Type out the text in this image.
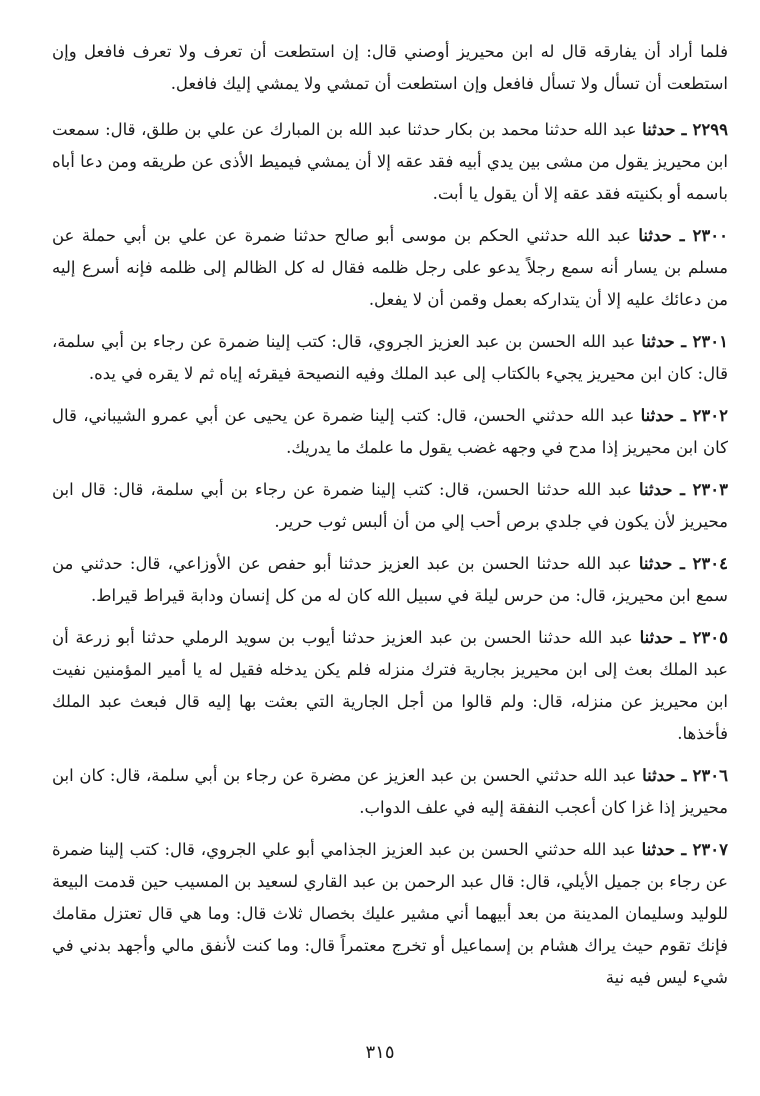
فلما أراد أن يفارقه قال له ابن محيريز أوصني قال: إن استطعت أن تعرف ولا تعرف فافعل وإن استطعت أن تسأل ولا تسأل فافعل وإن استطعت أن تمشي ولا يمشي إليك فافعل.

٢٢٩٩ ـ حدثنا عبد الله حدثنا محمد بن بكار حدثنا عبد الله بن المبارك عن علي بن طلق، قال: سمعت ابن محيريز يقول من مشى بين يدي أبيه فقد عقه إلا أن يمشي فيميط الأذى عن طريقه ومن دعا أباه باسمه أو بكنيته فقد عقه إلا أن يقول يا أبت.

٢٣٠٠ ـ حدثنا عبد الله حدثني الحكم بن موسى أبو صالح حدثنا ضمرة عن علي بن أبي حملة عن مسلم بن يسار أنه سمع رجلاً يدعو على رجل ظلمه فقال له كل الظالم إلى ظلمه فإنه أسرع إليه من دعائك عليه إلا أن يتداركه بعمل وقمن أن لا يفعل.

٢٣٠١ ـ حدثنا عبد الله الحسن بن عبد العزيز الجروي، قال: كتب إلينا ضمرة عن رجاء بن أبي سلمة، قال: كان ابن محيريز يجيء بالكتاب إلى عبد الملك وفيه النصيحة فيقرئه إياه ثم لا يقره في يده.

٢٣٠٢ ـ حدثنا عبد الله حدثني الحسن، قال: كتب إلينا ضمرة عن يحيى عن أبي عمرو الشيباني، قال كان ابن محيريز إذا مدح في وجهه غضب يقول ما علمك ما يدريك.

٢٣٠٣ ـ حدثنا عبد الله حدثنا الحسن، قال: كتب إلينا ضمرة عن رجاء بن أبي سلمة، قال: قال ابن محيريز لأن يكون في جلدي برص أحب إلي من أن ألبس ثوب حرير.

٢٣٠٤ ـ حدثنا عبد الله حدثنا الحسن بن عبد العزيز حدثنا أبو حفص عن الأوزاعي، قال: حدثني من سمع ابن محيريز، قال: من حرس ليلة في سبيل الله كان له من كل إنسان ودابة قيراط قيراط.

٢٣٠٥ ـ حدثنا عبد الله حدثنا الحسن بن عبد العزيز حدثنا أيوب بن سويد الرملي حدثنا أبو زرعة أن عبد الملك بعث إلى ابن محيريز بجارية فترك منزله فلم يكن يدخله فقيل له يا أمير المؤمنين نفيت ابن محيريز عن منزله، قال: ولم قالوا من أجل الجارية التي بعثت بها إليه قال فبعث عبد الملك فأخذها.

٢٣٠٦ ـ حدثنا عبد الله حدثني الحسن بن عبد العزيز عن مضرة عن رجاء بن أبي سلمة، قال: كان ابن محيريز إذا غزا كان أعجب النفقة إليه في علف الدواب.

٢٣٠٧ ـ حدثنا عبد الله حدثني الحسن بن عبد العزيز الجذامي أبو علي الجروي، قال: كتب إلينا ضمرة عن رجاء بن جميل الأيلي، قال: قال عبد الرحمن بن عبد القاري لسعيد بن المسيب حين قدمت البيعة للوليد وسليمان المدينة من بعد أبيهما أني مشير عليك بخصال ثلاث قال: وما هي قال تعتزل مقامك فإنك تقوم حيث يراك هشام بن إسماعيل أو تخرج معتمراً قال: وما كنت لأنفق مالي وأجهد بدني في شيء ليس فيه نية

٣١٥
